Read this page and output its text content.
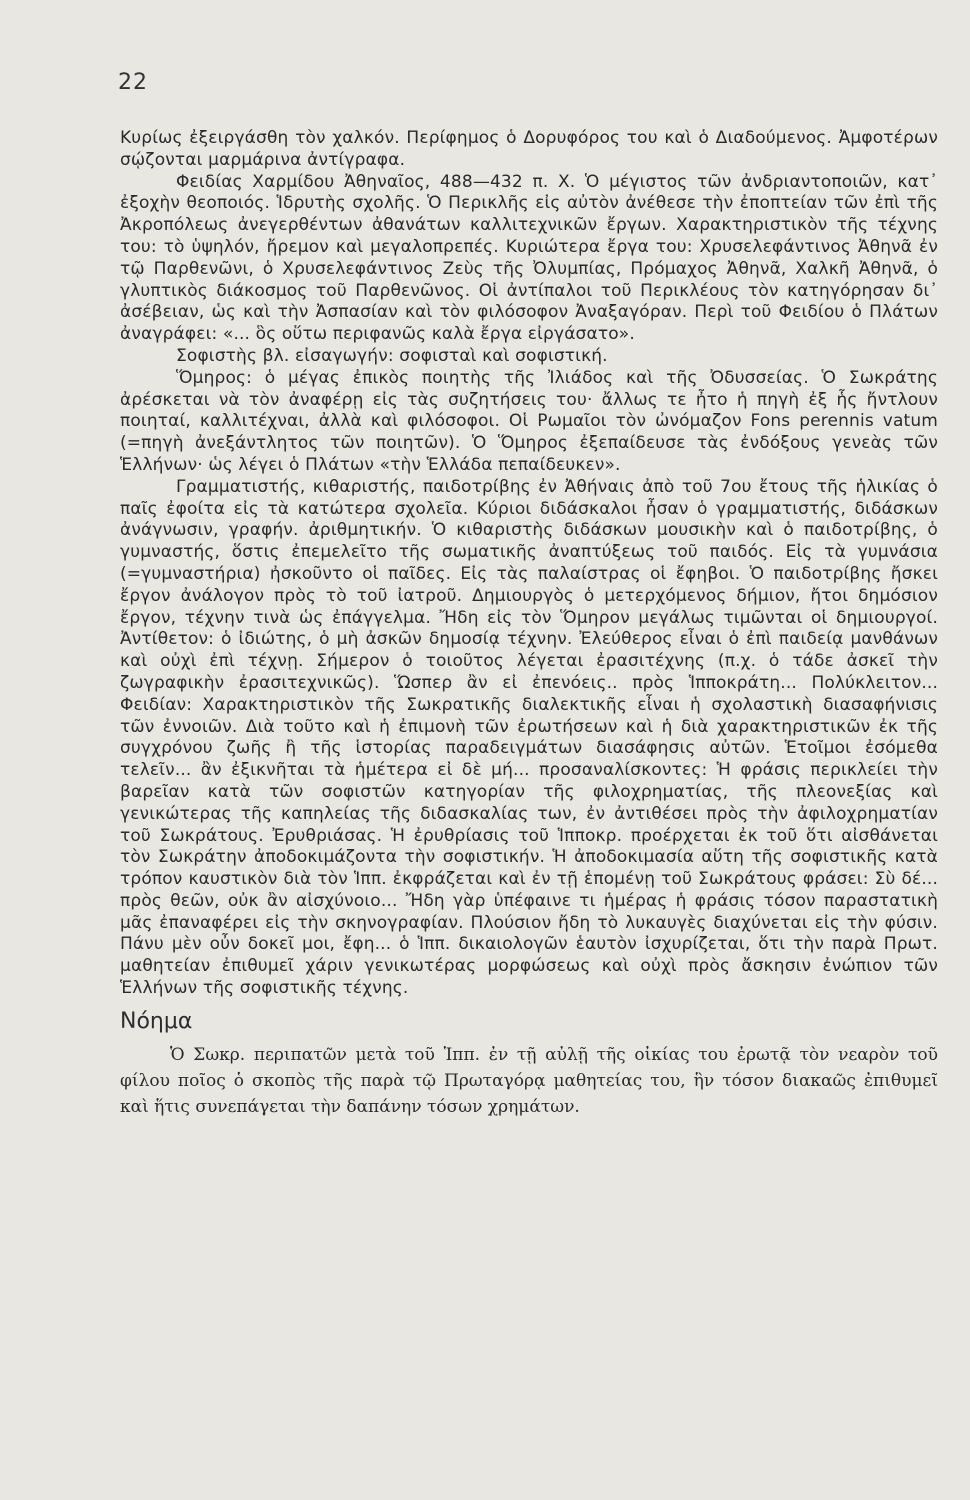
22

Κυρίως ἐξειργάσθη τὸν χαλκόν. Περίφημος ὁ Δορυφόρος του καὶ ὁ Διαδούμενος. Ἀμφοτέρων σῴζονται μαρμάρινα ἀντίγραφα.

Φειδίας Χαρμίδου Ἀθηναῖος, 488—432 π. Χ. Ὁ μέγιστος τῶν ἀνδριαντοποιῶν, κατ᾽ ἐξοχὴν θεοποιός. Ἱδρυτὴς σχολῆς. Ὁ Περικλῆς εἰς αὐτὸν ἀνέθεσε τὴν ἐποπτείαν τῶν ἐπὶ τῆς Ἀκροπόλεως ἀνεγερθέντων ἀθανάτων καλλιτεχνικῶν ἔργων. Χαρακτηριστικὸν τῆς τέχνης του: τὸ ὑψηλόν, ἤρεμον καὶ μεγαλοπρεπές. Κυριώτερα ἔργα του: Χρυσελεφάντινος Ἀθηνᾶ ἐν τῷ Παρθενῶνι, ὁ Χρυσελεφάντινος Ζεὺς τῆς Ὀλυμπίας, Πρόμαχος Ἀθηνᾶ, Χαλκῆ Ἀθηνᾶ, ὁ γλυπτικὸς διάκοσμος τοῦ Παρθενῶνος. Οἱ ἀντίπαλοι τοῦ Περικλέους τὸν κατηγόρησαν δι᾽ ἀσέβειαν, ὡς καὶ τὴν Ἀσπασίαν καὶ τὸν φιλόσοφον Ἀναξαγόραν. Περὶ τοῦ Φειδίου ὁ Πλάτων ἀναγράφει: «... ὃς οὕτω περιφανῶς καλὰ ἔργα εἰργάσατο».

Σοφιστὴς βλ. εἰσαγωγήν: σοφισταὶ καὶ σοφιστική.

Ὅμηρος: ὁ μέγας ἐπικὸς ποιητὴς τῆς Ἰλιάδος καὶ τῆς Ὀδυσσείας. Ὁ Σωκράτης ἀρέσκεται νὰ τὸν ἀναφέρῃ εἰς τὰς συζητήσεις του· ἄλλως τε ἦτο ἡ πηγὴ ἐξ ἧς ἤντλουν ποιηταί, καλλιτέχναι, ἀλλὰ καὶ φιλόσοφοι. Οἱ Ρωμαῖοι τὸν ὠνόμαζον Fons perennis vatum (=πηγὴ ἀνεξάντλητος τῶν ποιητῶν). Ὁ Ὅμηρος ἐξεπαίδευσε τὰς ἐνδόξους γενεὰς τῶν Ἑλλήνων· ὡς λέγει ὁ Πλάτων «τὴν Ἑλλάδα πεπαίδευκεν».

Γραμματιστής, κιθαριστής, παιδοτρίβης ἐν Ἀθήναις ἀπὸ τοῦ 7ου ἔτους τῆς ἡλικίας ὁ παῖς ἐφοίτα εἰς τὰ κατώτερα σχολεῖα. Κύριοι διδάσκαλοι ἦσαν ὁ γραμματιστής, διδάσκων ἀνάγνωσιν, γραφήν. ἀριθμητικήν. Ὁ κιθαριστὴς διδάσκων μουσικὴν καὶ ὁ παιδοτρίβης, ὁ γυμναστής, ὅστις ἐπεμελεῖτο τῆς σωματικῆς ἀναπτύξεως τοῦ παιδός. Εἰς τὰ γυμνάσια (=γυμναστήρια) ἠσκοῦντο οἱ παῖδες. Εἰς τὰς παλαίστρας οἱ ἔφηβοι. Ὁ παιδοτρίβης ἤσκει ἔργον ἀνάλογον πρὸς τὸ τοῦ ἰατροῦ. Δημιουργὸς ὁ μετερχόμενος δήμιον, ἤτοι δημόσιον ἔργον, τέχνην τινὰ ὡς ἐπάγγελμα. Ἤδη εἰς τὸν Ὅμηρον μεγάλως τιμῶνται οἱ δημιουργοί. Ἀντίθετον: ὁ ἰδιώτης, ὁ μὴ ἀσκῶν δημοσίᾳ τέχνην. Ἐλεύθερος εἶναι ὁ ἐπὶ παιδείᾳ μανθάνων καὶ οὐχὶ ἐπὶ τέχνῃ. Σήμερον ὁ τοιοῦτος λέγεται ἐρασιτέχνης (π.χ. ὁ τάδε ἀσκεῖ τὴν ζωγραφικὴν ἐρασιτεχνικῶς). Ὥσπερ ἂν εἰ ἐπενόεις.. πρὸς Ἱπποκράτη... Πολύκλειτον... Φειδίαν: Χαρακτηριστικὸν τῆς Σωκρατικῆς διαλεκτικῆς εἶναι ἡ σχολαστικὴ διασαφήνισις τῶν ἐννοιῶν. Διὰ τοῦτο καὶ ἡ ἐπιμονὴ τῶν ἐρωτήσεων καὶ ἡ διὰ χαρακτηριστικῶν ἐκ τῆς συγχρόνου ζωῆς ἢ τῆς ἱστορίας παραδειγμάτων διασάφησις αὐτῶν. Ἑτοῖμοι ἐσόμεθα τελεῖν... ἂν ἐξικνῆται τὰ ἡμέτερα εἰ δὲ μή... προσαναλίσκοντες: Ἡ φράσις περικλείει τὴν βαρεῖαν κατὰ τῶν σοφιστῶν κατηγορίαν τῆς φιλοχρηματίας, τῆς πλεονεξίας καὶ γενικώτερας τῆς καπηλείας τῆς διδασκαλίας των, ἐν ἀντιθέσει πρὸς τὴν ἀφιλοχρηματίαν τοῦ Σωκράτους. Ἐρυθριάσας. Ἡ ἐρυθρίασις τοῦ Ἱπποκρ. προέρχεται ἐκ τοῦ ὅτι αἰσθάνεται τὸν Σωκράτην ἀποδοκιμάζοντα τὴν σοφιστικήν. Ἡ ἀποδοκιμασία αὕτη τῆς σοφιστικῆς κατὰ τρόπον καυστικὸν διὰ τὸν Ἱππ. ἐκφράζεται καὶ ἐν τῇ ἑπομένῃ τοῦ Σωκράτους φράσει: Σὺ δέ... πρὸς θεῶν, οὐκ ἂν αἰσχύνοιο... Ἤδη γὰρ ὑπέφαινε τι ἡμέρας ἡ φράσις τόσον παραστατικὴ μᾶς ἐπαναφέρει εἰς τὴν σκηνογραφίαν. Πλούσιον ἤδη τὸ λυκαυγὲς διαχύνεται εἰς τὴν φύσιν. Πάνυ μὲν οὖν δοκεῖ μοι, ἔφη... ὁ Ἱππ. δικαιολογῶν ἑαυτὸν ἰσχυρίζεται, ὅτι τὴν παρὰ Πρωτ. μαθητείαν ἐπιθυμεῖ χάριν γενικωτέρας μορφώσεως καὶ οὐχὶ πρὸς ἄσκησιν ἐνώπιον τῶν Ἑλλήνων τῆς σοφιστικῆς τέχνης.

Νόημα

Ὁ Σωκρ. περιπατῶν μετὰ τοῦ Ἱππ. ἐν τῇ αὐλῇ τῆς οἰκίας του ἐρωτᾷ τὸν νεαρὸν τοῦ φίλου ποῖος ὁ σκοπὸς τῆς παρὰ τῷ Πρωταγόρᾳ μαθητείας του, ἣν τόσον διακαῶς ἐπιθυμεῖ καὶ ἥτις συνεπάγεται τὴν δαπάνην τόσων χρημάτων.
